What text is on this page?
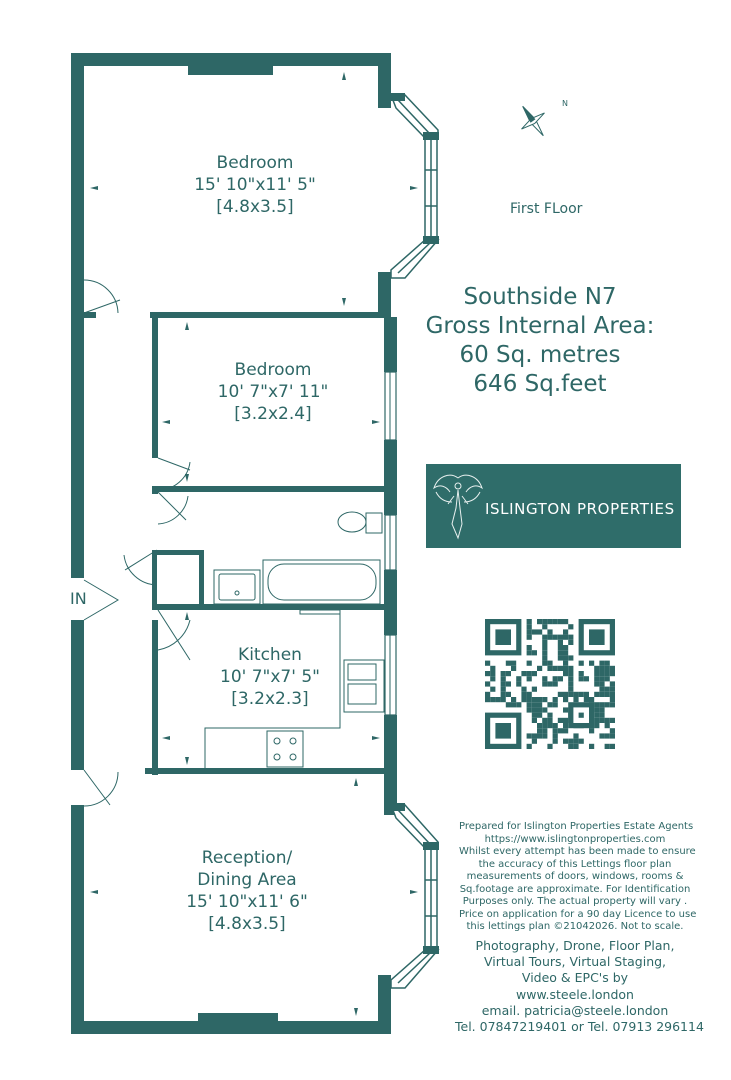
N
Bedroom
15' 10"x11' 5"
[4.8x3.5]
Bedroom
10' 7"x7' 11"
[3.2x2.4]
Kitchen
10' 7"x7' 5"
[3.2x2.3]
Reception/
Dining Area
15' 10"x11' 6"
[4.8x3.5]
First FLoor
IN
Southside N7
Gross Internal Area:
60 Sq. metres
646 Sq.feet
ISLINGTON PROPERTIES
Prepared for Islington Properties Estate Agents
https://www.islingtonproperties.com
Whilst every attempt has been made to ensure
the accuracy of this Lettings floor plan
measurements of doors, windows, rooms &
Sq.footage are approximate. For Identification
Purposes only. The actual property will vary .
Price on application for a 90 day Licence to use
this lettings plan ©21042026. Not to scale.
Photography, Drone, Floor Plan,
Virtual Tours, Virtual Staging,
Video & EPC's by
www.steele.london
email. patricia@steele.london
Tel. 07847219401 or Tel. 07913 296114
